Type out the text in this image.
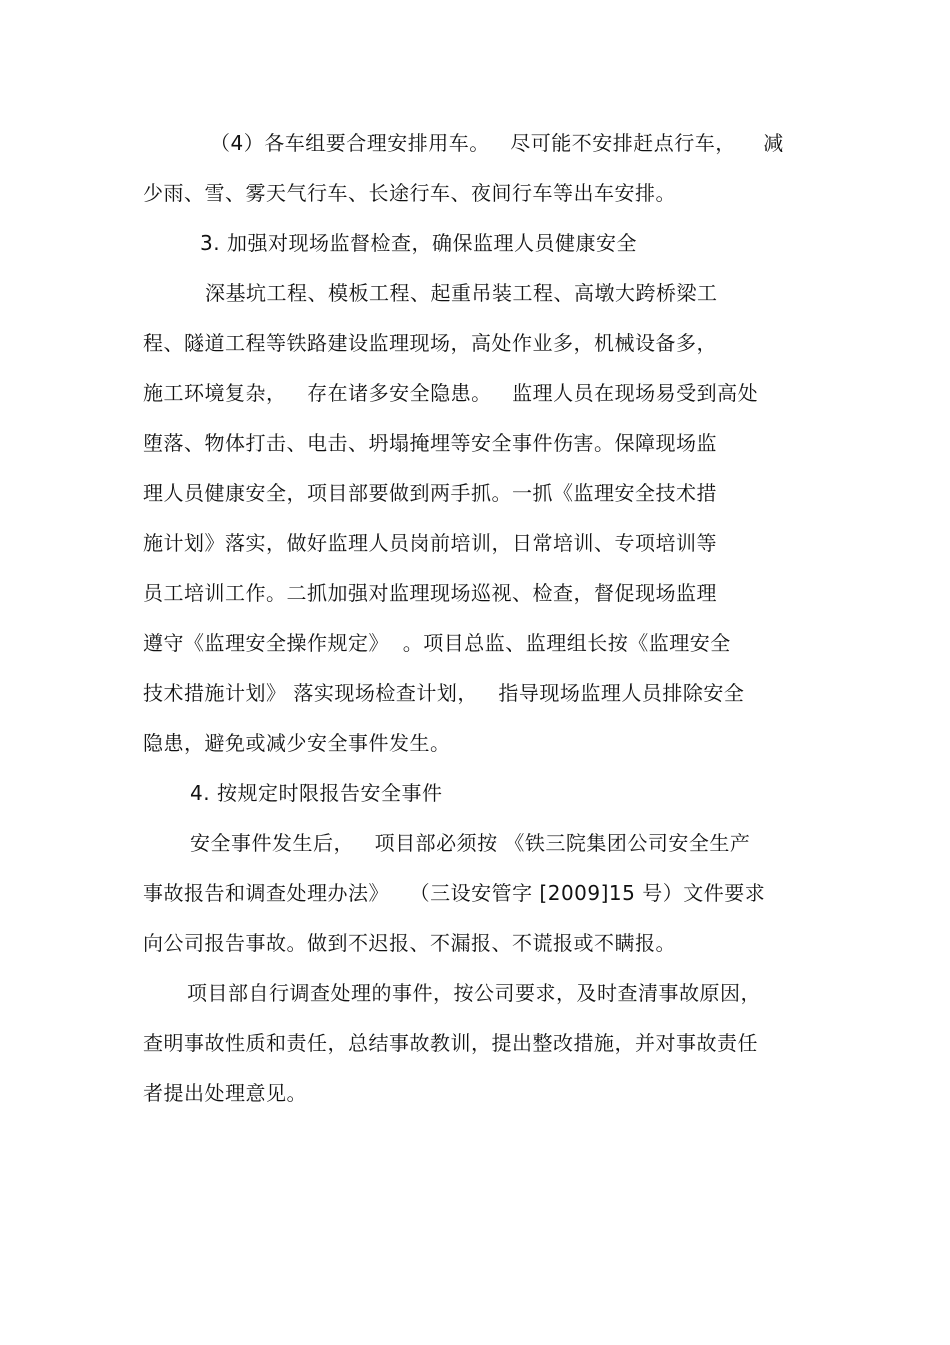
（4）各车组要合理安排用车。   尽可能不安排赶点行车，    减
少雨、雪、雾天气行车、长途行车、夜间行车等出车安排。
3. 加强对现场监督检查，确保监理人员健康安全
深基坑工程、模板工程、起重吊装工程、高墩大跨桥梁工
程、隧道工程等铁路建设监理现场，高处作业多，机械设备多，
施工环境复杂，   存在诸多安全隐患。   监理人员在现场易受到高处
堕落、物体打击、电击、坍塌掩埋等安全事件伤害。保障现场监
理人员健康安全，项目部要做到两手抓。一抓《监理安全技术措
施计划》落实，做好监理人员岗前培训，日常培训、专项培训等
员工培训工作。二抓加强对监理现场巡视、检查，督促现场监理
遵守《监理安全操作规定》  。项目总监、监理组长按《监理安全
技术措施计划》 落实现场检查计划，   指导现场监理人员排除安全
隐患，避免或减少安全事件发生。
4. 按规定时限报告安全事件
安全事件发生后，   项目部必须按 《铁三院集团公司安全生产
事故报告和调查处理办法》   （三设安管字 [2009]15 号）文件要求
向公司报告事故。做到不迟报、不漏报、不谎报或不瞒报。
项目部自行调查处理的事件，按公司要求，及时查清事故原因，
查明事故性质和责任，总结事故教训，提出整改措施，并对事故责任
者提出处理意见。
